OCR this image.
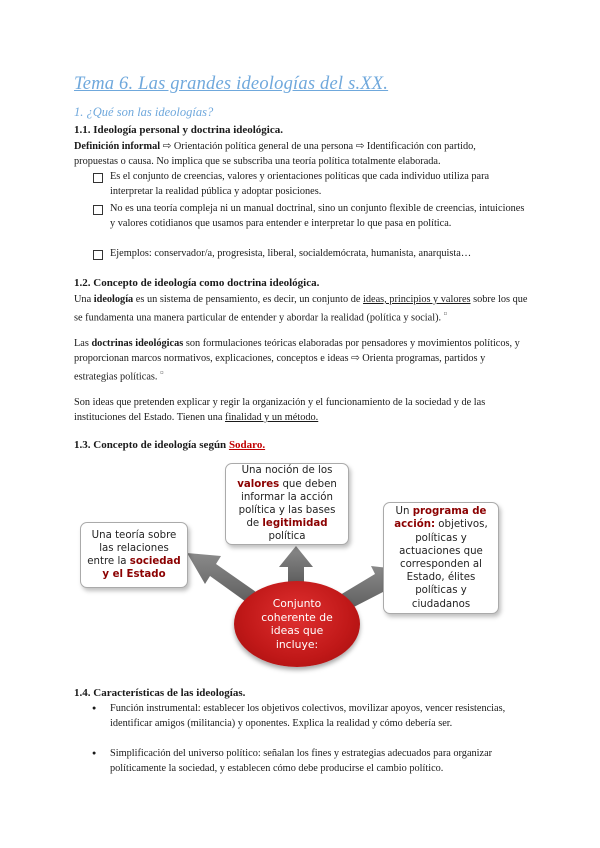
Tema 6. Las grandes ideologías del s.XX.
1. ¿Qué son las ideologías?
1.1. Ideología personal y doctrina ideológica.
Definición informal ⇨ Orientación política general de una persona ⇨ Identificación con partido,
propuestas o causa. No implica que se subscriba una teoría política totalmente elaborada.
Es el conjunto de creencias, valores y orientaciones políticas que cada individuo utiliza para interpretar la realidad pública y adoptar posiciones.
No es una teoría compleja ni un manual doctrinal, sino un conjunto flexible de creencias, intuiciones y valores cotidianos que usamos para entender e interpretar lo que pasa en política.
Ejemplos: conservador/a, progresista, liberal, socialdemócrata, humanista, anarquista…
1.2. Concepto de ideología como doctrina ideológica.
Una ideología es un sistema de pensamiento, es decir, un conjunto de ideas, principios y valores sobre los que se fundamenta una manera particular de entender y abordar la realidad (política y social). ¤
Las doctrinas ideológicas son formulaciones teóricas elaboradas por pensadores y movimientos políticos, y proporcionan marcos normativos, explicaciones, conceptos e ideas ⇨ Orienta programas, partidos y estrategias políticas. ¤
Son ideas que pretenden explicar y regir la organización y el funcionamiento de la sociedad y de las instituciones del Estado. Tienen una finalidad y un método.
1.3. Concepto de ideología según Sodaro.
Una noción de los valores que deben informar la acción política y las bases de legitimidad política
Una teoría sobre las relaciones entre la sociedad y el Estado
Un programa de acción: objetivos, políticas y actuaciones que corresponden al Estado, élites políticas y ciudadanos
Conjunto coherente de ideas que incluye:
1.4. Características de las ideologías.
● Función instrumental: establecer los objetivos colectivos, movilizar apoyos, vencer resistencias, identificar amigos (militancia) y oponentes. Explica la realidad y cómo debería ser.
● Simplificación del universo político: señalan los fines y estrategias adecuados para organizar políticamente la sociedad, y establecen cómo debe producirse el cambio político.
